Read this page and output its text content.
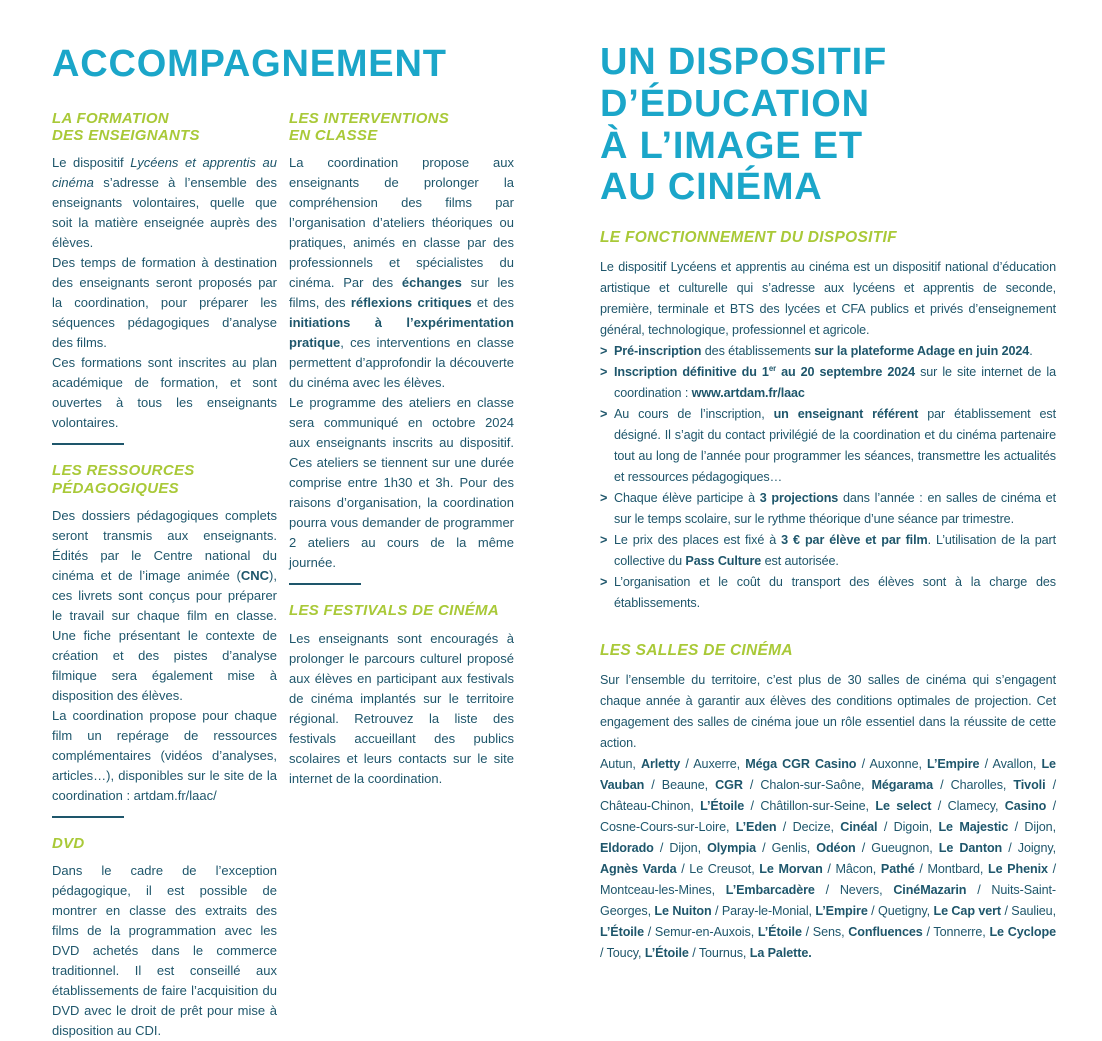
ACCOMPAGNEMENT
LA FORMATION
DES ENSEIGNANTS

Le dispositif Lycéens et apprentis au cinéma s’adresse à l’ensemble des enseignants volontaires, quelle que soit la matière enseignée auprès des élèves.

Des temps de formation à destination des enseignants seront proposés par la coordination, pour préparer les séquences pédagogiques d’analyse des films.

Ces formations sont inscrites au plan académique de formation, et sont ouvertes à tous les enseignants volontaires.

LES RESSOURCES
PÉDAGOGIQUES

Des dossiers pédagogiques complets seront transmis aux enseignants. Édités par le Centre national du cinéma et de l’image animée (CNC), ces livrets sont conçus pour préparer le travail sur chaque film en classe. Une fiche présentant le contexte de création et des pistes d’analyse filmique sera également mise à disposition des élèves.

La coordination propose pour chaque film un repérage de ressources complémentaires (vidéos d’analyses, articles…), disponibles sur le site de la coordination : artdam.fr/laac/

DVD

Dans le cadre de l’exception pédagogique, il est possible de montrer en classe des extraits des films de la programmation avec les DVD achetés dans le commerce traditionnel. Il est conseillé aux établissements de faire l’acquisition du DVD avec le droit de prêt pour mise à disposition au CDI.

LES INTERVENTIONS
EN CLASSE

La coordination propose aux enseignants de prolonger la compréhension des films par l’organisation d’ateliers théoriques ou pratiques, animés en classe par des professionnels et spécialistes du cinéma. Par des échanges sur les films, des réflexions critiques et des initiations à l’expérimentation pratique, ces interventions en classe permettent d’approfondir la découverte du cinéma avec les élèves.

Le programme des ateliers en classe sera communiqué en octobre 2024 aux enseignants inscrits au dispositif. Ces ateliers se tiennent sur une durée comprise entre 1h30 et 3h. Pour des raisons d’organisation, la coordination pourra vous demander de programmer 2 ateliers au cours de la même journée.

LES FESTIVALS DE CINÉMA

Les enseignants sont encouragés à prolonger le parcours culturel proposé aux élèves en participant aux festivals de cinéma implantés sur le territoire régional. Retrouvez la liste des festivals accueillant des publics scolaires et leurs contacts sur le site internet de la coordination.

UN DISPOSITIF
D’ÉDUCATION
À L’IMAGE ET
AU CINÉMA
LE FONCTIONNEMENT DU DISPOSITIF

Le dispositif Lycéens et apprentis au cinéma est un dispositif national d’éducation artistique et culturelle qui s’adresse aux lycéens et apprentis de seconde, première, terminale et BTS des lycées et CFA publics et privés d’enseignement général, technologique, professionnel et agricole.

> Pré-inscription des établissements sur la plateforme Adage en juin 2024.
> Inscription définitive du 1er au 20 septembre 2024 sur le site internet de la coordination : www.artdam.fr/laac
> Au cours de l’inscription, un enseignant référent par établissement est désigné. Il s’agit du contact privilégié de la coordination et du cinéma partenaire tout au long de l’année pour programmer les séances, transmettre les actualités et ressources pédagogiques…
> Chaque élève participe à 3 projections dans l’année : en salles de cinéma et sur le temps scolaire, sur le rythme théorique d’une séance par trimestre.
> Le prix des places est fixé à 3 € par élève et par film. L’utilisation de la part collective du Pass Culture est autorisée.
> L’organisation et le coût du transport des élèves sont à la charge des établissements.
LES SALLES DE CINÉMA

Sur l’ensemble du territoire, c’est plus de 30 salles de cinéma qui s’engagent chaque année à garantir aux élèves des conditions optimales de projection. Cet engagement des salles de cinéma joue un rôle essentiel dans la réussite de cette action.

Autun, Arletty / Auxerre, Méga CGR Casino / Auxonne, L’Empire / Avallon, Le Vauban / Beaune, CGR / Chalon-sur-Saône, Mégarama / Charolles, Tivoli / Château-Chinon, L’Étoile / Châtillon-sur-Seine, Le select / Clamecy, Casino / Cosne-Cours-sur-Loire, L’Eden / Decize, Cinéal / Digoin, Le Majestic / Dijon, Eldorado / Dijon, Olympia / Genlis, Odéon / Gueugnon, Le Danton / Joigny, Agnès Varda / Le Creusot, Le Morvan / Mâcon, Pathé / Montbard, Le Phenix / Montceau-les-Mines, L’Embarcadère / Nevers, CinéMazarin / Nuits-Saint-Georges, Le Nuiton / Paray-le-Monial, L’Empire / Quetigny, Le Cap vert / Saulieu, L’Étoile / Semur-en-Auxois, L’Étoile / Sens, Confluences / Tonnerre, Le Cyclope / Toucy, L’Étoile / Tournus, La Palette.
